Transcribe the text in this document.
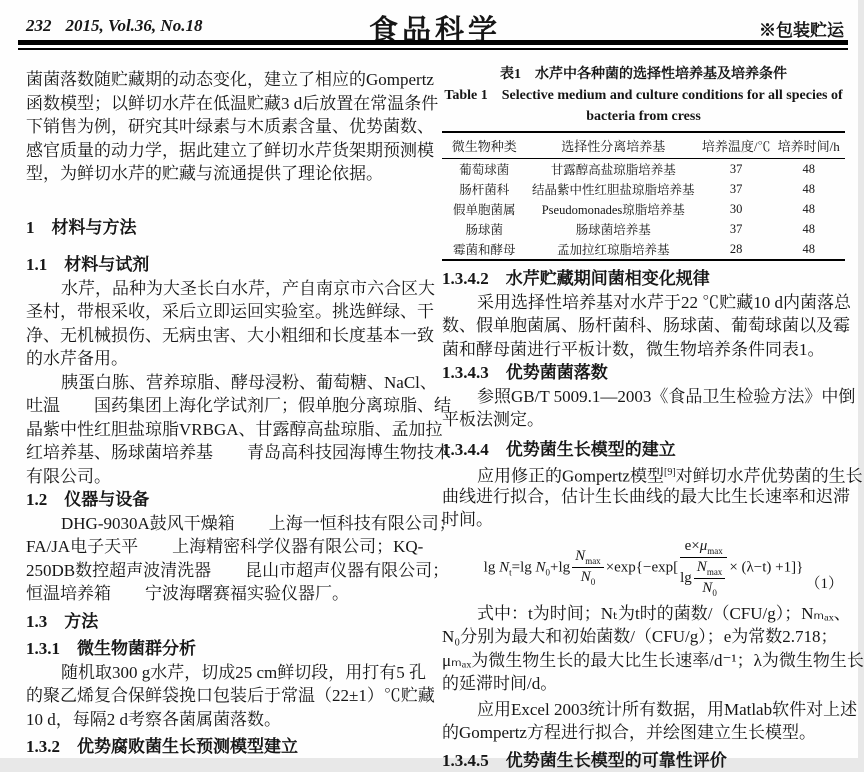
232 2015, Vol.36, No.18	食品科学	※包装贮运
菌菌落数随贮藏期的动态变化，建立了相应的Gompertz
函数模型；以鲜切水芹在低温贮藏3 d后放置在常温条件
下销售为例，研究其叶绿素与木质素含量、优势菌数、
感官质量的动力学，据此建立了鲜切水芹货架期预测模
型，为鲜切水芹的贮藏与流通提供了理论依据。
1　材料与方法
1.1　材料与试剂
水芹，品种为大圣长白水芹，产自南京市六合区大
圣村，带根采收，采后立即运回实验室。挑选鲜绿、干
净、无机械损伤、无病虫害、大小粗细和长度基本一致
的水芹备用。
胰蛋白胨、营养琼脂、酵母浸粉、葡萄糖、NaCl、
吐温　　国药集团上海化学试剂厂；假单胞分离琼脂、结
晶紫中性红胆盐琼脂VRBGA、甘露醇高盐琼脂、孟加拉
红培养基、肠球菌培养基　　青岛高科技园海博生物技术
有限公司。
1.2　仪器与设备
DHG-9030A鼓风干燥箱　　上海一恒科技有限公司；
FA/JA电子天平　　上海精密科学仪器有限公司；KQ-
250DB数控超声波清洗器　　昆山市超声仪器有限公司；
恒温培养箱　　宁波海曙赛福实验仪器厂。
1.3　方法
1.3.1　微生物菌群分析
随机取300 g水芹，切成25 cm鲜切段，用打有5 孔
的聚乙烯复合保鲜袋挽口包装后于常温（22±1）℃贮藏
10 d，每隔2 d考察各菌属菌落数。
1.3.2　优势腐败菌生长预测模型建立
表1　水芹中各种菌的选择性培养基及培养条件
Table 1　Selective medium and culture conditions for all species of
bacteria from cress
微生物种类	选择性分离培养基	培养温度/℃	培养时间/h
葡萄球菌	甘露醇高盐琼脂培养基	37	48
肠杆菌科	结晶紫中性红胆盐琼脂培养基	37	48
假单胞菌属	Pseudomonades琼脂培养基	30	48
肠球菌	肠球菌培养基	37	48
霉菌和酵母	孟加拉红琼脂培养基	28	48
1.3.4.2　水芹贮藏期间菌相变化规律
采用选择性培养基对水芹于22 ℃贮藏10 d内菌落总
数、假单胞菌属、肠杆菌科、肠球菌、葡萄球菌以及霉
菌和酵母菌进行平板计数，微生物培养条件同表1。
1.3.4.3　优势菌菌落数
参照GB/T 5009.1—2003《食品卫生检验方法》中倒
平板法测定。
1.3.4.4　优势菌生长模型的建立
应用修正的Gompertz模型[9]对鲜切水芹优势菌的生长
曲线进行拟合，估计生长曲线的最大比生长速率和迟滞
时间。
$\lg N_t=\lg$ $N_0+\lg \frac{N_{max}}{N_0} \times\exp\{-\exp[ \frac{e\times\mu_{max}}{\lg \frac{N_{max}}{N_0}} \times (\lambda-t) +1]\}$
（1）
式中：t为时间；Nₜ为t时的菌数/（CFU/g）；Nₘₐₓ、
N₀分别为最大和初始菌数/（CFU/g）；e为常数2.718；
μₘₐₓ为微生物生长的最大比生长速率/d⁻¹；λ为微生物生长
的延滞时间/d。
应用Excel 2003统计所有数据，用Matlab软件对上述
的Gompertz方程进行拟合，并绘图建立生长模型。
1.3.4.5　优势菌生长模型的可靠性评价
